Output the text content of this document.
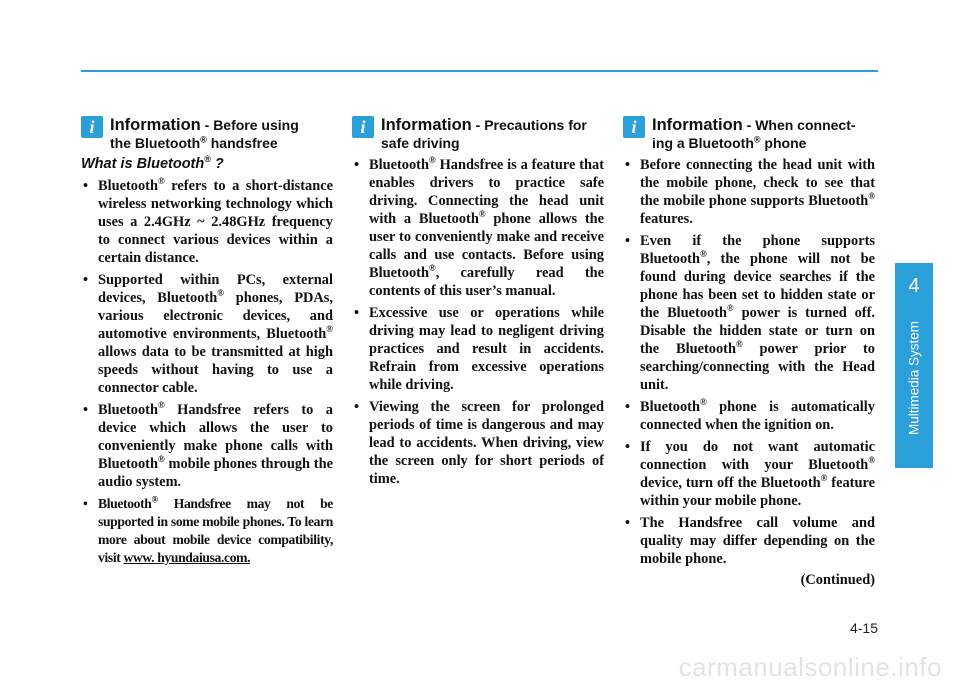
i Information - Before using
the Bluetooth® handsfree
What is Bluetooth® ?
• Bluetooth® refers to a short-distance wireless networking technology which uses a 2.4GHz ~ 2.48GHz frequency to connect various devices within a certain distance.
• Supported within PCs, external devices, Bluetooth® phones, PDAs, various electronic devices, and automotive environments, Bluetooth® allows data to be transmitted at high speeds without having to use a connector cable.
• Bluetooth® Handsfree refers to a device which allows the user to conveniently make phone calls with Bluetooth® mobile phones through the audio system.
• Bluetooth® Handsfree may not be supported in some mobile phones. To learn more about mobile device compatibility, visit www. hyundaiusa.com.
i Information - Precautions for
safe driving
• Bluetooth® Handsfree is a feature that enables drivers to practice safe driving. Connecting the head unit with a Bluetooth® phone allows the user to conveniently make and receive calls and use contacts. Before using Bluetooth®, carefully read the contents of this user’s manual.
• Excessive use or operations while driving may lead to negligent driving practices and result in accidents. Refrain from excessive operations while driving.
• Viewing the screen for prolonged periods of time is dangerous and may lead to accidents. When driving, view the screen only for short periods of time.
i Information - When connect-
ing a Bluetooth® phone
• Before connecting the head unit with the mobile phone, check to see that the mobile phone supports Bluetooth® features.
• Even if the phone supports Bluetooth®, the phone will not be found during device searches if the phone has been set to hidden state or the Bluetooth® power is turned off. Disable the hidden state or turn on the Bluetooth® power prior to searching/connecting with the Head unit.
• Bluetooth® phone is automatically connected when the ignition on.
• If you do not want automatic connection with your Bluetooth® device, turn off the Bluetooth® feature within your mobile phone.
• The Handsfree call volume and quality may differ depending on the mobile phone.
(Continued)
4
Multimedia System
4-15
carmanualsonline.info
